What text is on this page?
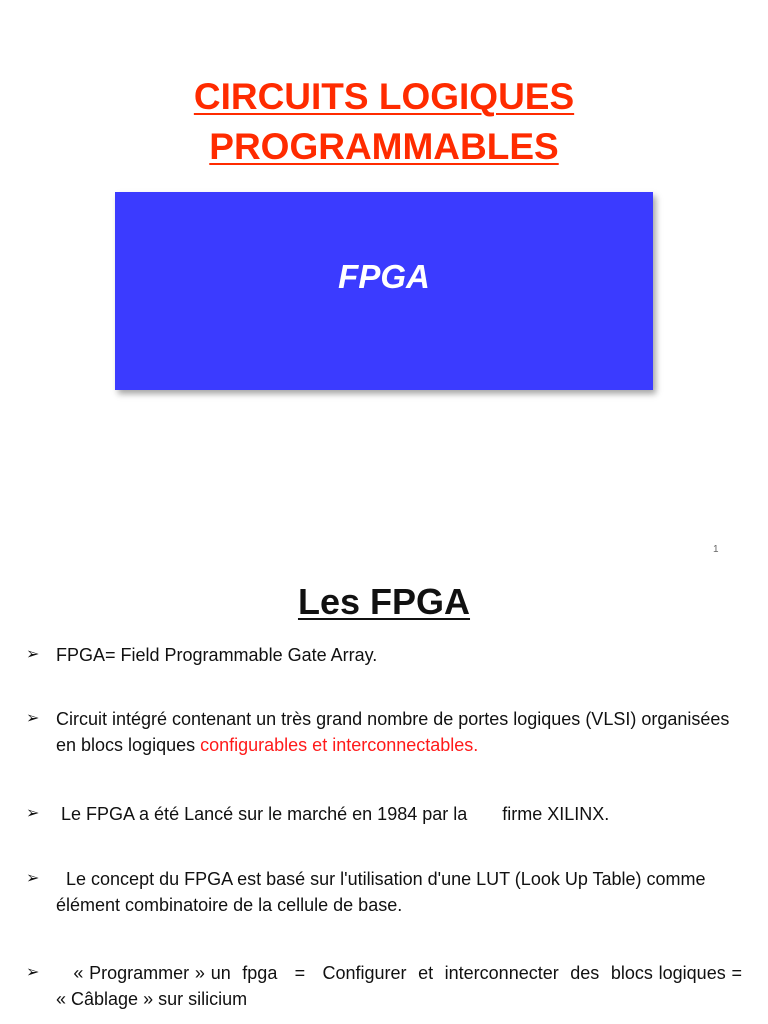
CIRCUITS LOGIQUES
PROGRAMMABLES
FPGA
1
Les FPGA
➢ FPGA= Field Programmable Gate Array.
➢ Circuit intégré contenant un très grand nombre de portes logiques (VLSI) organisées en blocs logiques configurables et interconnectables.
➢ Le FPGA a été Lancé sur le marché en 1984 par la       firme XILINX.
➢ Le concept du FPGA est basé sur l'utilisation d'une LUT (Look Up Table) comme élément combinatoire de la cellule de base.
➢ « Programmer » un  fpga   =   Configurer  et  interconnecter  des  blocs logiques =  « Câblage » sur silicium
